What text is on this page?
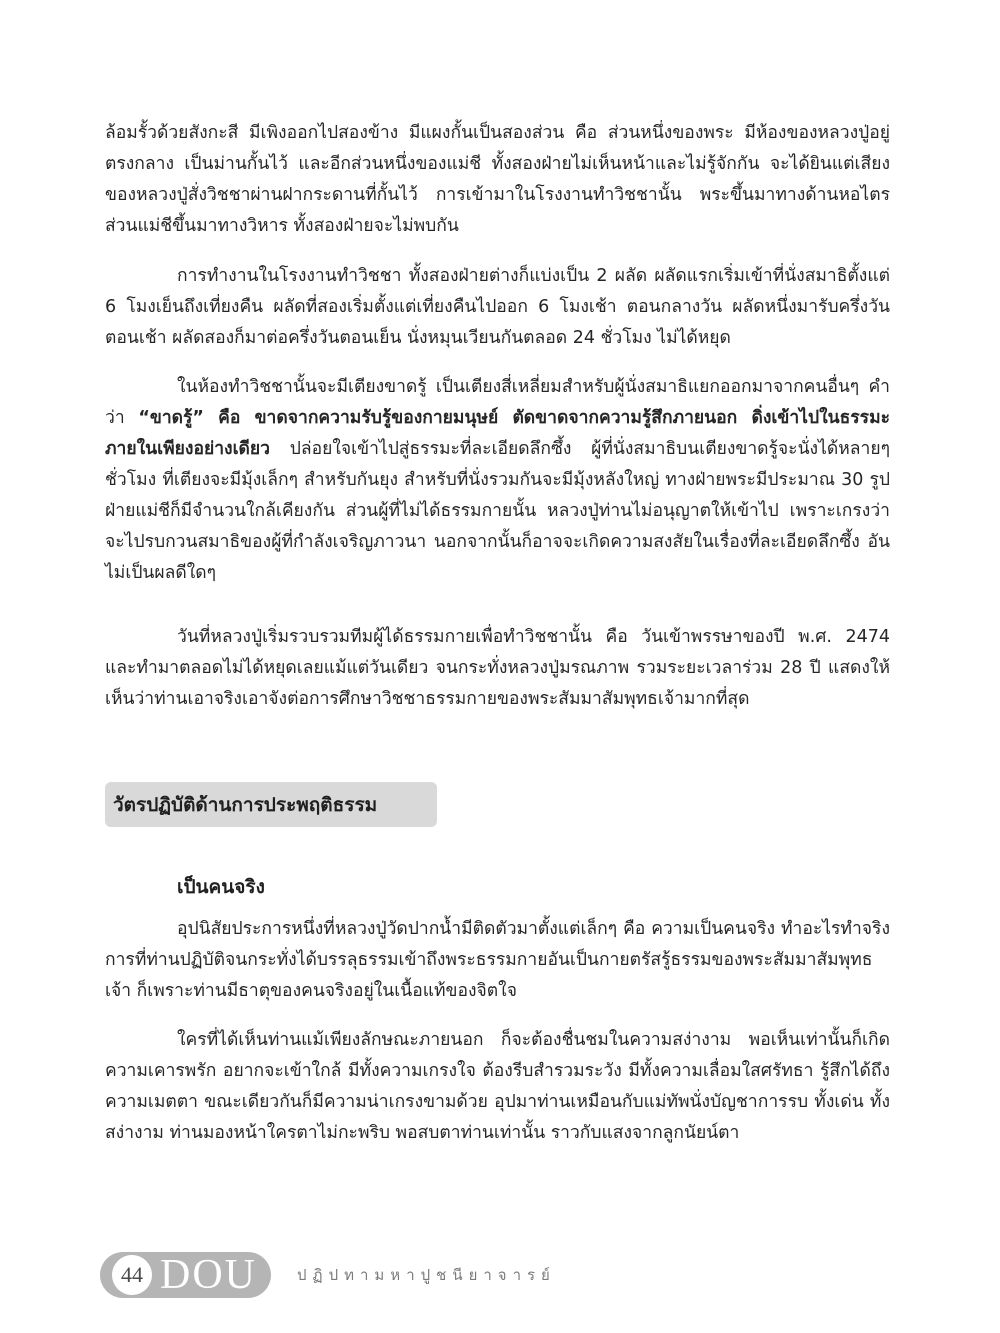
ล้อมรั้วด้วยสังกะสี มีเพิงออกไปสองข้าง มีแผงกั้นเป็นสองส่วน คือ ส่วนหนึ่งของพระ มีห้องของหลวงปู่อยู่ตรงกลาง เป็นม่านกั้นไว้ และอีกส่วนหนึ่งของแม่ชี ทั้งสองฝ่ายไม่เห็นหน้าและไม่รู้จักกัน จะได้ยินแต่เสียงของหลวงปู่สั่งวิชชาผ่านฝากระดานที่กั้นไว้ การเข้ามาในโรงงานทำวิชชานั้น พระขึ้นมาทางด้านหอไตร ส่วนแม่ชีขึ้นมาทางวิหาร ทั้งสองฝ่ายจะไม่พบกัน

การทำงานในโรงงานทำวิชชา ทั้งสองฝ่ายต่างก็แบ่งเป็น 2 ผลัด ผลัดแรกเริ่มเข้าที่นั่งสมาธิตั้งแต่ 6 โมงเย็นถึงเที่ยงคืน ผลัดที่สองเริ่มตั้งแต่เที่ยงคืนไปออก 6 โมงเช้า ตอนกลางวัน ผลัดหนึ่งมารับครึ่งวันตอนเช้า ผลัดสองก็มาต่อครึ่งวันตอนเย็น นั่งหมุนเวียนกันตลอด 24 ชั่วโมง ไม่ได้หยุด

ในห้องทำวิชชานั้นจะมีเตียงขาดรู้ เป็นเตียงสี่เหลี่ยมสำหรับผู้นั่งสมาธิแยกออกมาจากคนอื่นๆ คำว่า “ขาดรู้” คือ ขาดจากความรับรู้ของกายมนุษย์ ตัดขาดจากความรู้สึกภายนอก ดิ่งเข้าไปในธรรมะภายในเพียงอย่างเดียว ปล่อยใจเข้าไปสู่ธรรมะที่ละเอียดลึกซึ้ง ผู้ที่นั่งสมาธิบนเตียงขาดรู้จะนั่งได้หลายๆ ชั่วโมง ที่เตียงจะมีมุ้งเล็กๆ สำหรับกันยุง สำหรับที่นั่งรวมกันจะมีมุ้งหลังใหญ่ ทางฝ่ายพระมีประมาณ 30 รูป ฝ่ายแม่ชีก็มีจำนวนใกล้เคียงกัน ส่วนผู้ที่ไม่ได้ธรรมกายนั้น หลวงปู่ท่านไม่อนุญาตให้เข้าไป เพราะเกรงว่าจะไปรบกวนสมาธิของผู้ที่กำลังเจริญภาวนา นอกจากนั้นก็อาจจะเกิดความสงสัยในเรื่องที่ละเอียดลึกซึ้ง อันไม่เป็นผลดีใดๆ

วันที่หลวงปู่เริ่มรวบรวมทีมผู้ได้ธรรมกายเพื่อทำวิชชานั้น คือ วันเข้าพรรษาของปี พ.ศ. 2474 และทำมาตลอดไม่ได้หยุดเลยแม้แต่วันเดียว จนกระทั่งหลวงปู่มรณภาพ รวมระยะเวลาร่วม 28 ปี แสดงให้เห็นว่าท่านเอาจริงเอาจังต่อการศึกษาวิชชาธรรมกายของพระสัมมาสัมพุทธเจ้ามากที่สุด

วัตรปฏิบัติด้านการประพฤติธรรม
เป็นคนจริง

อุปนิสัยประการหนึ่งที่หลวงปู่วัดปากน้ำมีติดตัวมาตั้งแต่เล็กๆ คือ ความเป็นคนจริง ทำอะไรทำจริง การที่ท่านปฏิบัติจนกระทั่งได้บรรลุธรรมเข้าถึงพระธรรมกายอันเป็นกายตรัสรู้ธรรมของพระสัมมาสัมพุทธเจ้า ก็เพราะท่านมีธาตุของคนจริงอยู่ในเนื้อแท้ของจิตใจ

ใครที่ได้เห็นท่านแม้เพียงลักษณะภายนอก ก็จะต้องชื่นชมในความสง่างาม พอเห็นเท่านั้นก็เกิดความเคารพรัก อยากจะเข้าใกล้ มีทั้งความเกรงใจ ต้องรีบสำรวมระวัง มีทั้งความเลื่อมใสศรัทธา รู้สึกได้ถึงความเมตตา ขณะเดียวกันก็มีความน่าเกรงขามด้วย อุปมาท่านเหมือนกับแม่ทัพนั่งบัญชาการรบ ทั้งเด่น ทั้งสง่างาม ท่านมองหน้าใครตาไม่กะพริบ พอสบตาท่านเท่านั้น ราวกับแสงจากลูกนัยน์ตา

44 DOU	ปฏิปทามหาปูชนียาจารย์
